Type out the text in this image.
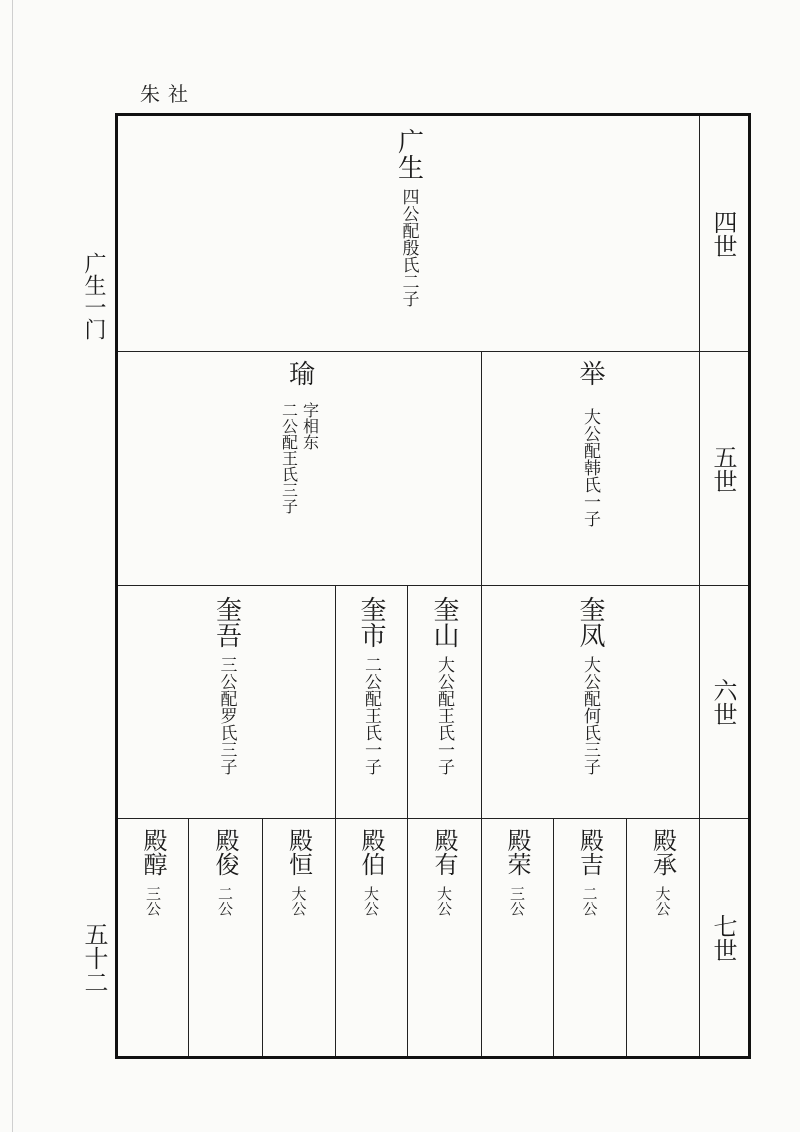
朱社
广生一门
五十二
四世
五世
六世
七世
广生
四公配殷氏二子
瑜
字相东
二公配王氏三子
举
大公配韩氏一子
奎吾
三公配罗氏三子
奎市
二公配王氏一子
奎山
大公配王氏一子
奎凤
大公配何氏三子
殿醇
三公
殿俊
二公
殿恒
大公
殿伯
大公
殿有
大公
殿荣
三公
殿吉
二公
殿承
大公
